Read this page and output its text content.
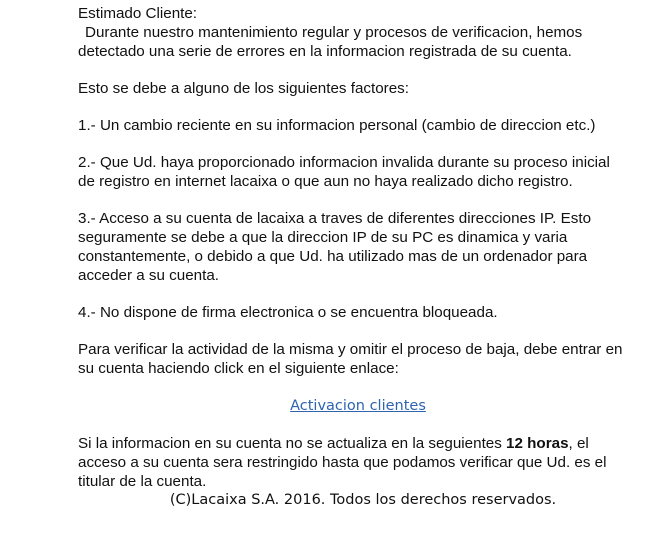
Estimado Cliente:

Durante nuestro mantenimiento regular y procesos de verificacion, hemos

detectado una serie de errores en la informacion registrada de su cuenta.

Esto se debe a alguno de los siguientes factores:

1.- Un cambio reciente en su informacion personal (cambio de direccion etc.)

2.- Que Ud. haya proporcionado informacion invalida durante su proceso inicial

de registro en internet lacaixa o que aun no haya realizado dicho registro.

3.- Acceso a su cuenta de lacaixa a traves de diferentes direcciones IP. Esto

seguramente se debe a que la direccion IP de su PC es dinamica y varia

constantemente, o debido a que Ud. ha utilizado mas de un ordenador para

acceder a su cuenta.

4.- No dispone de firma electronica o se encuentra bloqueada.

Para verificar la actividad de la misma y omitir el proceso de baja, debe entrar en

su cuenta haciendo click en el siguiente enlace:

Activacion clientes

Si la informacion en su cuenta no se actualiza en la seguientes 12 horas, el

acceso a su cuenta sera restringido hasta que podamos verificar que Ud. es el

titular de la cuenta.

(C)Lacaixa S.A. 2016. Todos los derechos reservados.
